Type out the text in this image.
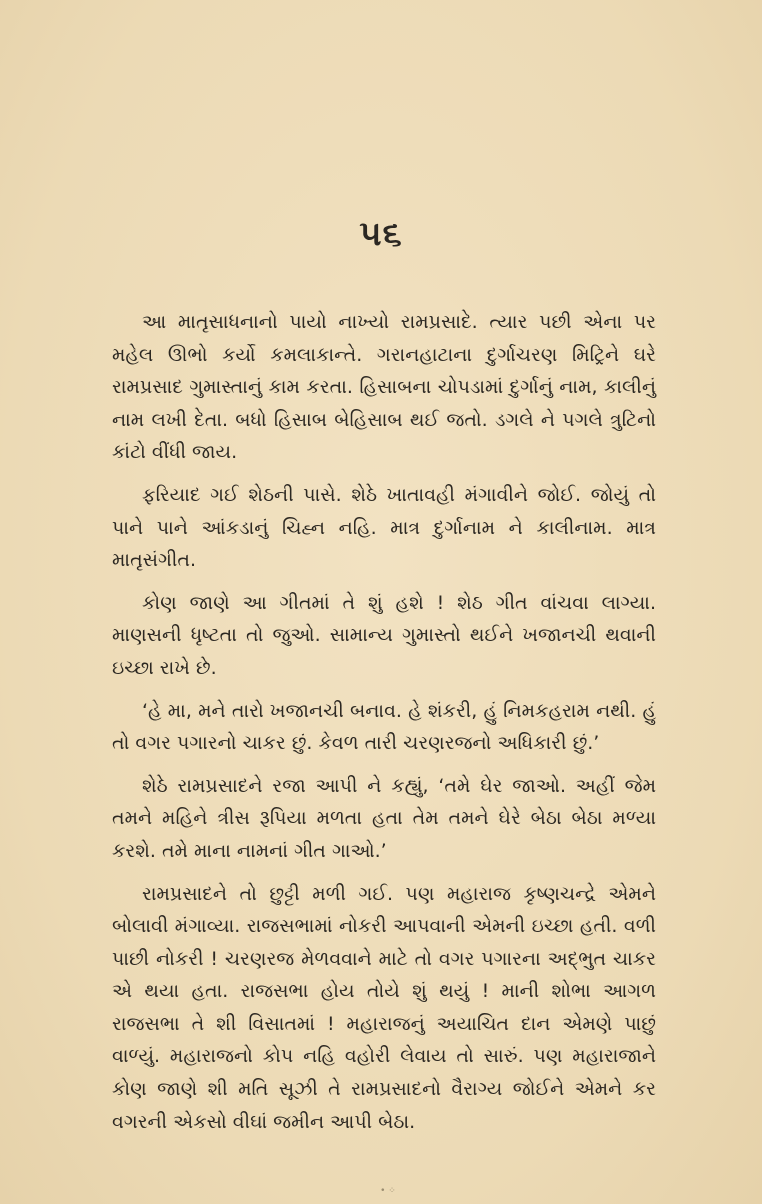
૫૬

આ માતૃસાધનાનો પાયો નાખ્યો રામપ્રસાદે. ત્યાર પછી એના પર મહેલ ઊભો કર્યો કમલાકાન્તે. ગરાનહાટાના દુર્ગાચરણ મિટ્રિને ઘરે રામપ્રસાદ ગુમાસ્તાનું કામ કરતા. હિસાબના ચોપડામાં દુર્ગાનું નામ, કાલીનું નામ લખી દેતા. બધો હિસાબ બેહિસાબ થઈ જતો. ડગલે ને પગલે ત્રુટિનો કાંટો વીંધી જાય.

ફરિયાદ ગઈ શેઠની પાસે. શેઠે ખાતાવહી મંગાવીને જોઈ. જોયું તો પાને પાને આંકડાનું ચિહ્ન નહિ. માત્ર દુર્ગાનામ ને કાલીનામ. માત્ર માતૃસંગીત.

કોણ જાણે આ ગીતમાં તે શું હશે ! શેઠ ગીત વાંચવા લાગ્યા. માણસની ધૃષ્ટતા તો જુઓ. સામાન્ય ગુમાસ્તો થઈને ખજાનચી થવાની ઇચ્છા રાખે છે.

‘હે મા, મને તારો ખજાનચી બનાવ. હે શંકરી, હું નિમકહરામ નથી. હું તો વગર પગારનો ચાકર છું. કેવળ તારી ચરણરજનો અધિકારી છું.’

શેઠે રામપ્રસાદને રજા આપી ને કહ્યું, ‘તમે ઘેર જાઓ. અહીં જેમ તમને મહિને ત્રીસ રૂપિયા મળતા હતા તેમ તમને ઘેરે બેઠા બેઠા મળ્યા કરશે. તમે માના નામનાં ગીત ગાઓ.’

રામપ્રસાદને તો છુટ્ટી મળી ગઈ. પણ મહારાજ કૃષ્ણચન્દ્રે એમને બોલાવી મંગાવ્યા. રાજસભામાં નોકરી આપવાની એમની ઇચ્છા હતી. વળી પાછી નોકરી ! ચરણરજ મેળવવાને માટે તો વગર પગારના અદ્ભુત ચાકર એ થયા હતા. રાજસભા હોય તોયે શું થયું ! માની શોભા આગળ રાજસભા તે શી વિસાતમાં ! મહારાજનું અયાચિત દાન એમણે પાછું વાળ્યું. મહારાજનો કોપ નહિ વહોરી લેવાય તો સારું. પણ મહારાજાને કોણ જાણે શી મતિ સૂઝી તે રામપ્રસાદનો વૈરાગ્ય જોઈને એમને કર વગરની એકસો વીઘાં જમીન આપી બેઠા.

• ⁘
